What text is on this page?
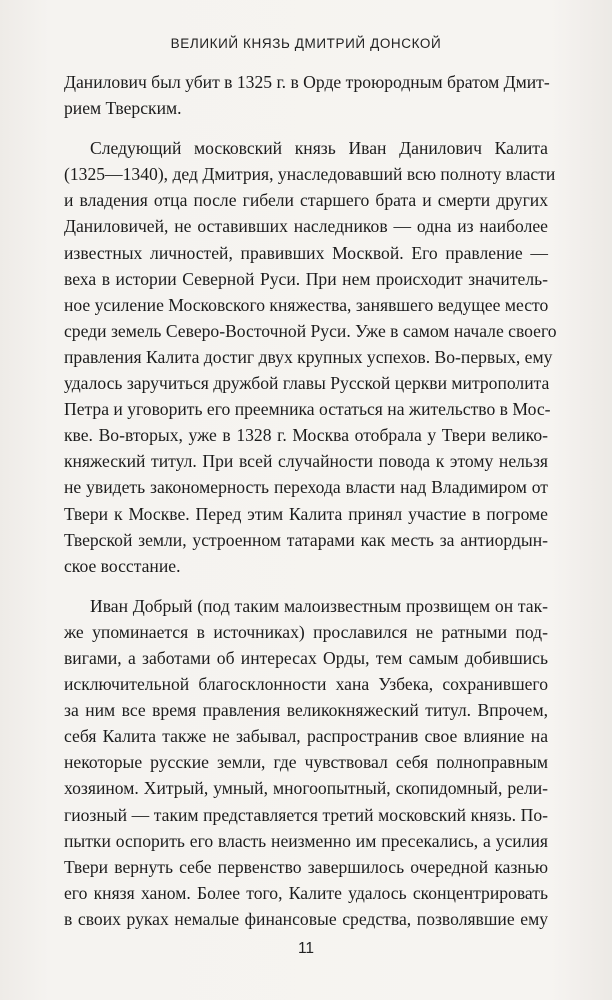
ВЕЛИКИЙ КНЯЗЬ ДМИТРИЙ ДОНСКОЙ
Данилович был убит в 1325 г. в Орде троюродным братом Дмит-
рием Тверским.
Следующий московский князь Иван Данилович Калита
(1325—1340), дед Дмитрия, унаследовавший всю полноту власти
и владения отца после гибели старшего брата и смерти других
Даниловичей, не оставивших наследников — одна из наиболее
известных личностей, правивших Москвой. Его правление —
веха в истории Северной Руси. При нем происходит значитель-
ное усиление Московского княжества, занявшего ведущее место
среди земель Северо-Восточной Руси. Уже в самом начале своего
правления Калита достиг двух крупных успехов. Во-первых, ему
удалось заручиться дружбой главы Русской церкви митрополита
Петра и уговорить его преемника остаться на жительство в Мос-
кве. Во-вторых, уже в 1328 г. Москва отобрала у Твери велико-
княжеский титул. При всей случайности повода к этому нельзя
не увидеть закономерность перехода власти над Владимиром от
Твери к Москве. Перед этим Калита принял участие в погроме
Тверской земли, устроенном татарами как месть за антиордын-
ское восстание.
Иван Добрый (под таким малоизвестным прозвищем он так-
же упоминается в источниках) прославился не ратными под-
вигами, а заботами об интересах Орды, тем самым добившись
исключительной благосклонности хана Узбека, сохранившего
за ним все время правления великокняжеский титул. Впрочем,
себя Калита также не забывал, распространив свое влияние на
некоторые русские земли, где чувствовал себя полноправным
хозяином. Хитрый, умный, многоопытный, скопидомный, рели-
гиозный — таким представляется третий московский князь. По-
пытки оспорить его власть неизменно им пресекались, а усилия
Твери вернуть себе первенство завершилось очередной казнью
его князя ханом. Более того, Калите удалось сконцентрировать
в своих руках немалые финансовые средства, позволявшие ему
11
